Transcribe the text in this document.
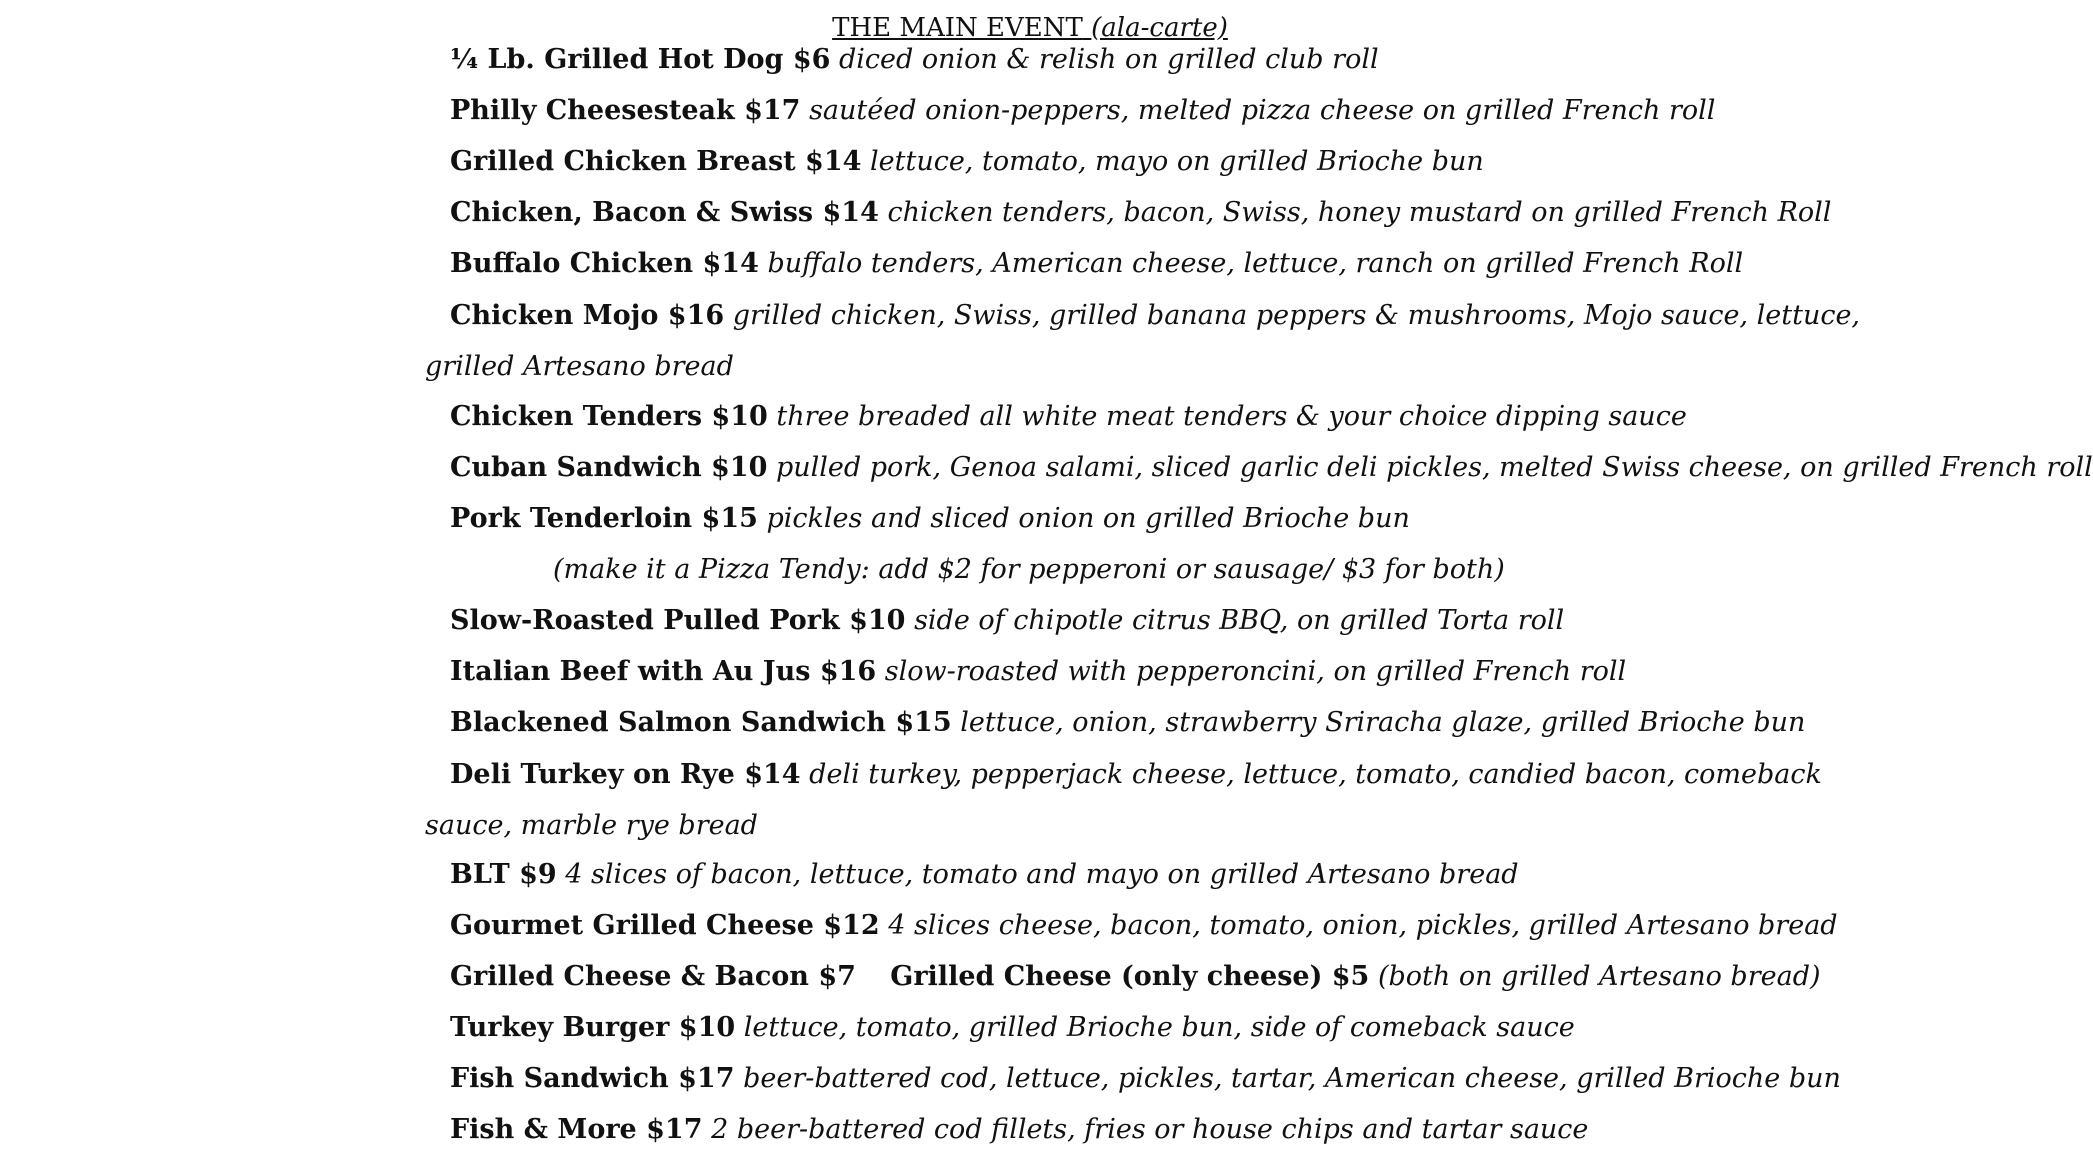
THE MAIN EVENT (ala-carte)
¼ Lb. Grilled Hot Dog $6 diced onion & relish on grilled club roll
Philly Cheesesteak $17 sautéed onion-peppers, melted pizza cheese on grilled French roll
Grilled Chicken Breast $14 lettuce, tomato, mayo on grilled Brioche bun
Chicken, Bacon & Swiss $14 chicken tenders, bacon, Swiss, honey mustard on grilled French Roll
Buffalo Chicken $14 buffalo tenders, American cheese, lettuce, ranch on grilled French Roll
Chicken Mojo $16 grilled chicken, Swiss, grilled banana peppers & mushrooms, Mojo sauce, lettuce, grilled Artesano bread
Chicken Tenders $10 three breaded all white meat tenders & your choice dipping sauce
Cuban Sandwich $10 pulled pork, Genoa salami, sliced garlic deli pickles, melted Swiss cheese, on grilled French roll
Pork Tenderloin $15 pickles and sliced onion on grilled Brioche bun
(make it a Pizza Tendy: add $2 for pepperoni or sausage/ $3 for both)
Slow-Roasted Pulled Pork $10 side of chipotle citrus BBQ, on grilled Torta roll
Italian Beef with Au Jus $16 slow-roasted with pepperoncini, on grilled French roll
Blackened Salmon Sandwich $15 lettuce, onion, strawberry Sriracha glaze, grilled Brioche bun
Deli Turkey on Rye $14 deli turkey, pepperjack cheese, lettuce, tomato, candied bacon, comeback sauce, marble rye bread
BLT $9 4 slices of bacon, lettuce, tomato and mayo on grilled Artesano bread
Gourmet Grilled Cheese $12 4 slices cheese, bacon, tomato, onion, pickles, grilled Artesano bread
Grilled Cheese & Bacon $7 Grilled Cheese (only cheese) $5 (both on grilled Artesano bread)
Turkey Burger $10 lettuce, tomato, grilled Brioche bun, side of comeback sauce
Fish Sandwich $17 beer-battered cod, lettuce, pickles, tartar, American cheese, grilled Brioche bun
Fish & More $17 2 beer-battered cod fillets, fries or house chips and tartar sauce
